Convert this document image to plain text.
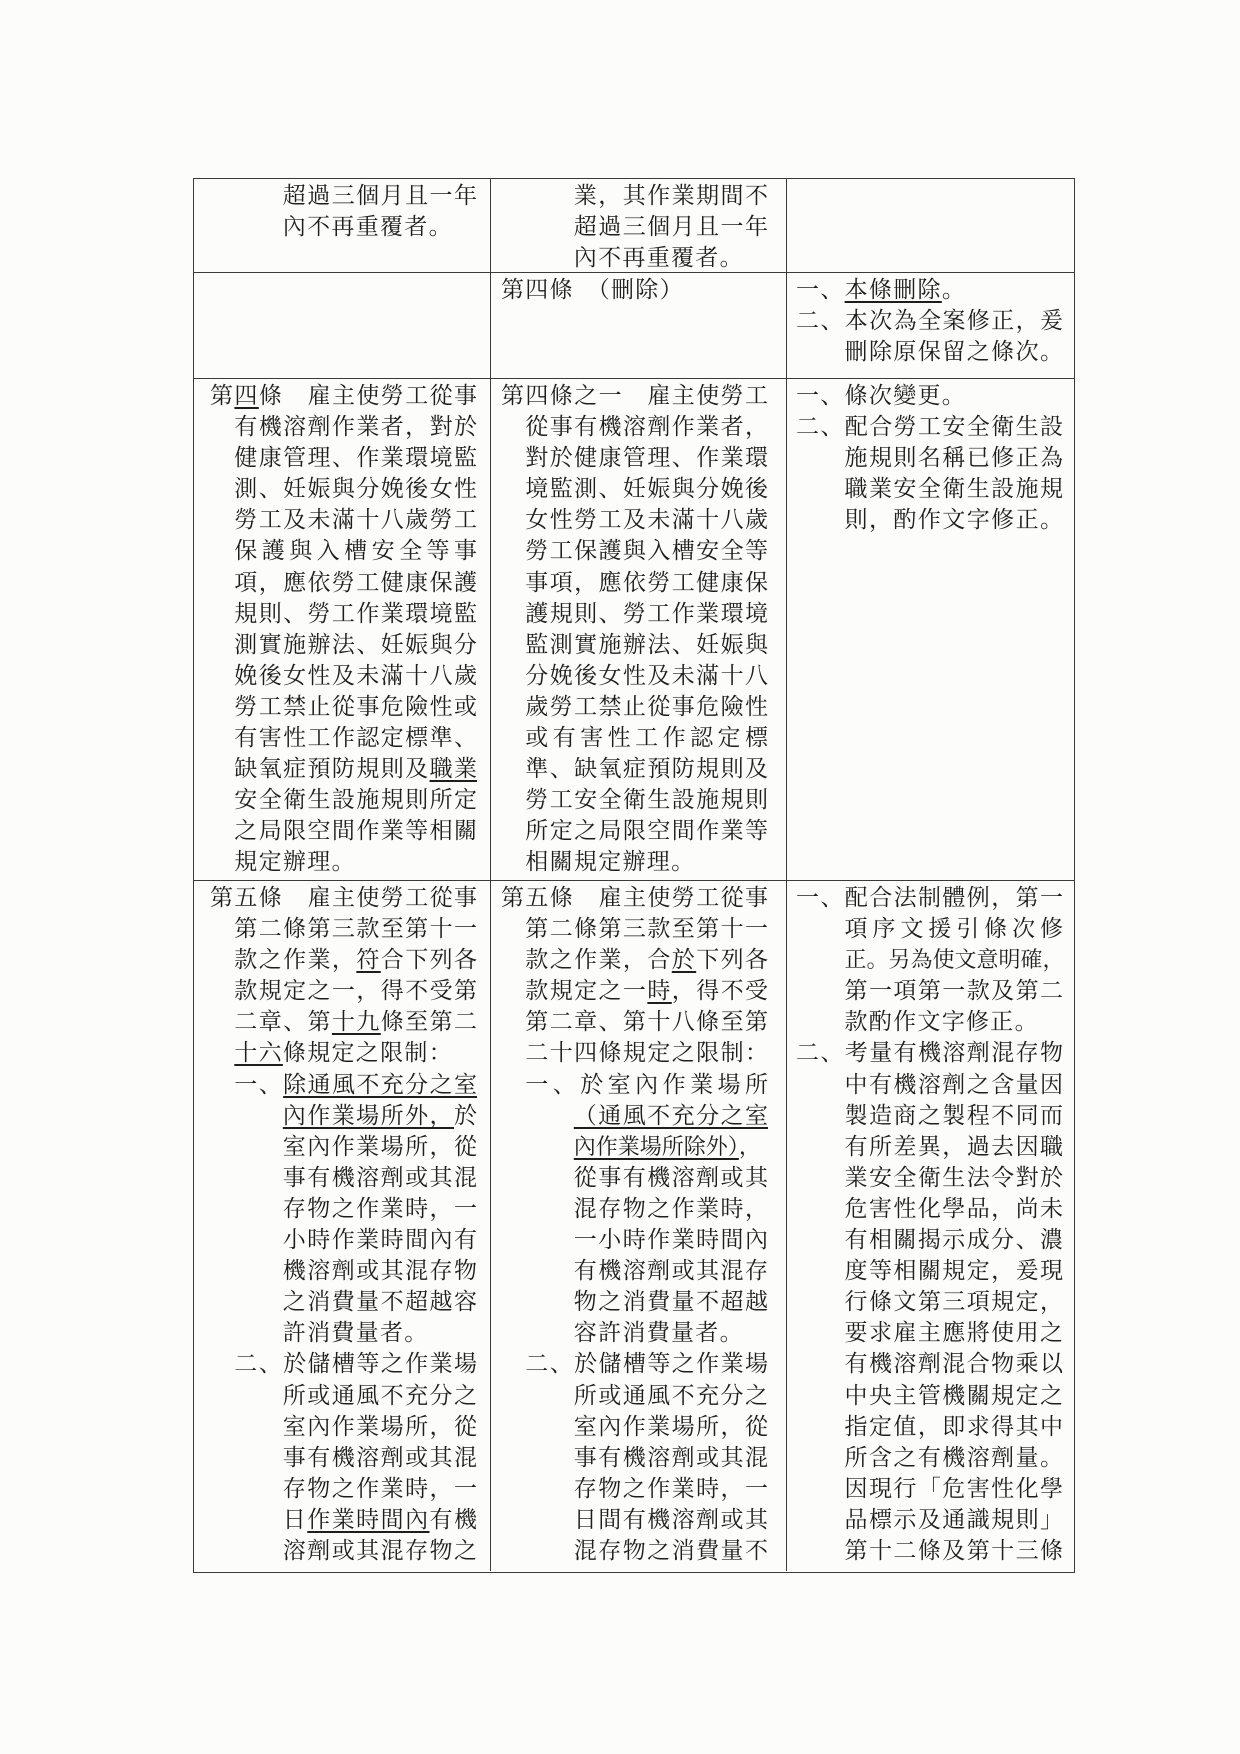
超過三個月且一年
內不再重覆者。
業，其作業期間不
超過三個月且一年
內不再重覆者。
第四條　（刪除）	一、本條刪除。
二、本次為全案修正，爰
刪除原保留之條次。
第四條　雇主使勞工從事
有機溶劑作業者，對於
健康管理、作業環境監
測、妊娠與分娩後女性
勞工及未滿十八歲勞工
保護與入槽安全等事
項，應依勞工健康保護
規則、勞工作業環境監
測實施辦法、妊娠與分
娩後女性及未滿十八歲
勞工禁止從事危險性或
有害性工作認定標準、
缺氧症預防規則及職業
安全衛生設施規則所定
之局限空間作業等相關
規定辦理。
第四條之一　雇主使勞工
從事有機溶劑作業者，
對於健康管理、作業環
境監測、妊娠與分娩後
女性勞工及未滿十八歲
勞工保護與入槽安全等
事項，應依勞工健康保
護規則、勞工作業環境
監測實施辦法、妊娠與
分娩後女性及未滿十八
歲勞工禁止從事危險性
或有害性工作認定標
準、缺氧症預防規則及
勞工安全衛生設施規則
所定之局限空間作業等
相關規定辦理。
一、條次變更。
二、配合勞工安全衛生設
施規則名稱已修正為
職業安全衛生設施規
則，酌作文字修正。
第五條　雇主使勞工從事
第二條第三款至第十一
款之作業，符合下列各
款規定之一，得不受第
二章、第十九條至第二
十六條規定之限制：
一、除通風不充分之室
內作業場所外，於
室內作業場所，從
事有機溶劑或其混
存物之作業時，一
小時作業時間內有
機溶劑或其混存物
之消費量不超越容
許消費量者。
二、於儲槽等之作業場
所或通風不充分之
室內作業場所，從
事有機溶劑或其混
存物之作業時，一
日作業時間內有機
溶劑或其混存物之
第五條　雇主使勞工從事
第二條第三款至第十一
款之作業，合於下列各
款規定之一時，得不受
第二章、第十八條至第
二十四條規定之限制：
一、於室內作業場所
（通風不充分之室
內作業場所除外），
從事有機溶劑或其
混存物之作業時，
一小時作業時間內
有機溶劑或其混存
物之消費量不超越
容許消費量者。
二、於儲槽等之作業場
所或通風不充分之
室內作業場所，從
事有機溶劑或其混
存物之作業時，一
日間有機溶劑或其
混存物之消費量不
一、配合法制體例，第一
項序文援引條次修
正。另為使文意明確，
第一項第一款及第二
款酌作文字修正。
二、考量有機溶劑混存物
中有機溶劑之含量因
製造商之製程不同而
有所差異，過去因職
業安全衛生法令對於
危害性化學品，尚未
有相關揭示成分、濃
度等相關規定，爰現
行條文第三項規定，
要求雇主應將使用之
有機溶劑混合物乘以
中央主管機關規定之
指定值，即求得其中
所含之有機溶劑量。
因現行「危害性化學
品標示及通識規則」
第十二條及第十三條
